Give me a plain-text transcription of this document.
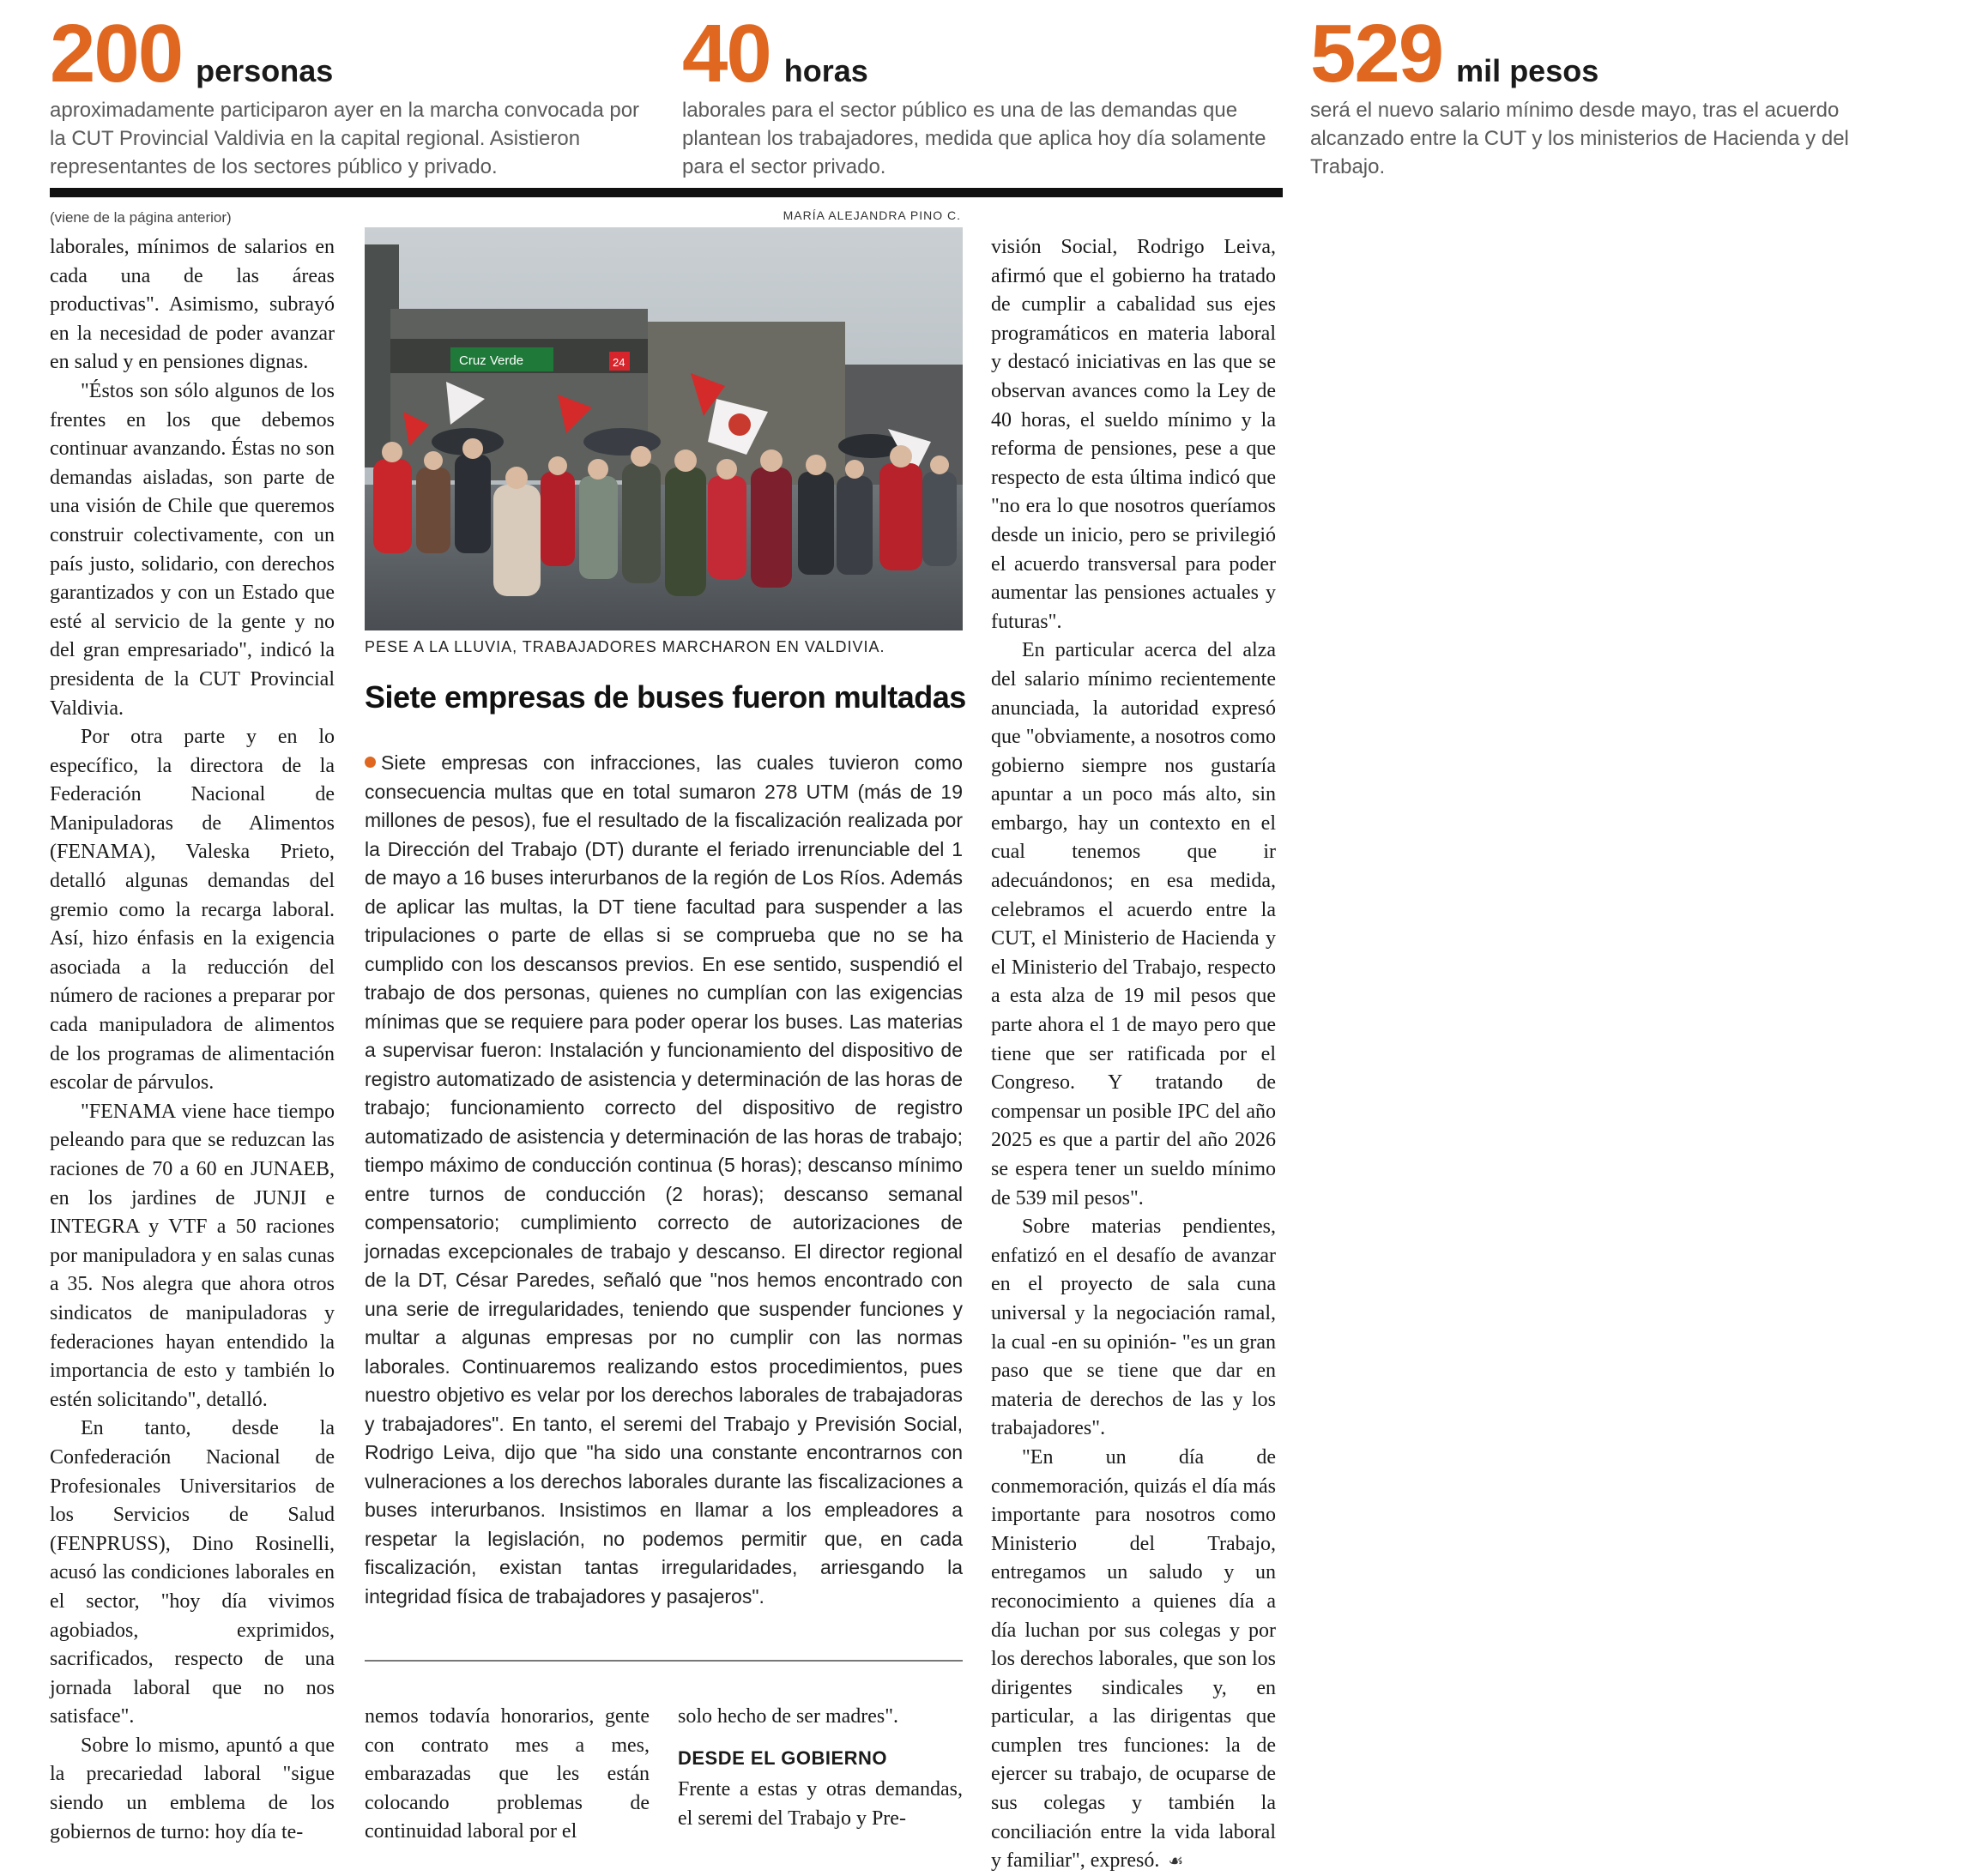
200 personas
aproximadamente participaron ayer en la marcha convocada por la CUT Provincial Valdivia en la capital regional. Asistieron representantes de los sectores público y privado.
40 horas
laborales para el sector público es una de las demandas que plantean los trabajadores, medida que aplica hoy día solamente para el sector privado.
529 mil pesos
será el nuevo salario mínimo desde mayo, tras el acuerdo alcanzado entre la CUT y los ministerios de Hacienda y del Trabajo.
(viene de la página anterior)

laborales, mínimos de salarios en cada una de las áreas productivas". Asimismo, subrayó en la necesidad de poder avanzar en salud y en pensiones dignas.

"Éstos son sólo algunos de los frentes en los que debemos continuar avanzando. Éstas no son demandas aisladas, son parte de una visión de Chile que queremos construir colectivamente, con un país justo, solidario, con derechos garantizados y con un Estado que esté al servicio de la gente y no del gran empresariado", indicó la presidenta de la CUT Provincial Valdivia.

Por otra parte y en lo específico, la directora de la Federación Nacional de Manipuladoras de Alimentos (FENAMA), Valeska Prieto, detalló algunas demandas del gremio como la recarga laboral. Así, hizo énfasis en la exigencia asociada a la reducción del número de raciones a preparar por cada manipuladora de alimentos de los programas de alimentación escolar de párvulos.

"FENAMA viene hace tiempo peleando para que se reduzcan las raciones de 70 a 60 en JUNAEB, en los jardines de JUNJI e INTEGRA y VTF a 50 raciones por manipuladora y en salas cunas a 35. Nos alegra que ahora otros sindicatos de manipuladoras y federaciones hayan entendido la importancia de esto y también lo estén solicitando", detalló.

En tanto, desde la Confederación Nacional de Profesionales Universitarios de los Servicios de Salud (FENPRUSS), Dino Rosinelli, acusó las condiciones laborales en el sector, "hoy día vivimos agobiados, exprimidos, sacrificados, respecto de una jornada laboral que no nos satisface".

Sobre lo mismo, apuntó a que la precariedad laboral "sigue siendo un emblema de los gobiernos de turno: hoy día te-

MARÍA ALEJANDRA PINO C.
Cruz Verde	24
PESE A LA LLUVIA, TRABAJADORES MARCHARON EN VALDIVIA.
Siete empresas de buses fueron multadas
Siete empresas con infracciones, las cuales tuvieron como consecuencia multas que en total sumaron 278 UTM (más de 19 millones de pesos), fue el resultado de la fiscalización realizada por la Dirección del Trabajo (DT) durante el feriado irrenunciable del 1 de mayo a 16 buses interurbanos de la región de Los Ríos. Además de aplicar las multas, la DT tiene facultad para suspender a las tripulaciones o parte de ellas si se comprueba que no se ha cumplido con los descansos previos. En ese sentido, suspendió el trabajo de dos personas, quienes no cumplían con las exigencias mínimas que se requiere para poder operar los buses. Las materias a supervisar fueron: Instalación y funcionamiento del dispositivo de registro automatizado de asistencia y determinación de las horas de trabajo; funcionamiento correcto del dispositivo de registro automatizado de asistencia y determinación de las horas de trabajo; tiempo máximo de conducción continua (5 horas); descanso mínimo entre turnos de conducción (2 horas); descanso semanal compensatorio; cumplimiento correcto de autorizaciones de jornadas excepcionales de trabajo y descanso. El director regional de la DT, César Paredes, señaló que "nos hemos encontrado con una serie de irregularidades, teniendo que suspender funciones y multar a algunas empresas por no cumplir con las normas laborales. Continuaremos realizando estos procedimientos, pues nuestro objetivo es velar por los derechos laborales de trabajadoras y trabajadores". En tanto, el seremi del Trabajo y Previsión Social, Rodrigo Leiva, dijo que "ha sido una constante encontrarnos con vulneraciones a los derechos laborales durante las fiscalizaciones a buses interurbanos. Insistimos en llamar a los empleadores a respetar la legislación, no podemos permitir que, en cada fiscalización, existan tantas irregularidades, arriesgando la integridad física de trabajadores y pasajeros".

nemos todavía honorarios, gente con contrato mes a mes, embarazadas que les están colocando problemas de continuidad laboral por el

solo hecho de ser madres".

DESDE EL GOBIERNO

Frente a estas y otras demandas, el seremi del Trabajo y Pre-

visión Social, Rodrigo Leiva, afirmó que el gobierno ha tratado de cumplir a cabalidad sus ejes programáticos en materia laboral y destacó iniciativas en las que se observan avances como la Ley de 40 horas, el sueldo mínimo y la reforma de pensiones, pese a que respecto de esta última indicó que "no era lo que nosotros queríamos desde un inicio, pero se privilegió el acuerdo transversal para poder aumentar las pensiones actuales y futuras".

En particular acerca del alza del salario mínimo recientemente anunciada, la autoridad expresó que "obviamente, a nosotros como gobierno siempre nos gustaría apuntar a un poco más alto, sin embargo, hay un contexto en el cual tenemos que ir adecuándonos; en esa medida, celebramos el acuerdo entre la CUT, el Ministerio de Hacienda y el Ministerio del Trabajo, respecto a esta alza de 19 mil pesos que parte ahora el 1 de mayo pero que tiene que ser ratificada por el Congreso. Y tratando de compensar un posible IPC del año 2025 es que a partir del año 2026 se espera tener un sueldo mínimo de 539 mil pesos".

Sobre materias pendientes, enfatizó en el desafío de avanzar en el proyecto de sala cuna universal y la negociación ramal, la cual -en su opinión- "es un gran paso que se tiene que dar en materia de derechos de las y los trabajadores".

"En un día de conmemoración, quizás el día más importante para nosotros como Ministerio del Trabajo, entregamos un saludo y un reconocimiento a quienes día a día luchan por sus colegas y por los derechos laborales, que son los dirigentes sindicales y, en particular, a las dirigentas que cumplen tres funciones: la de ejercer su trabajo, de ocuparse de sus colegas y también la conciliación entre la vida laboral y familiar", expresó. ☙
